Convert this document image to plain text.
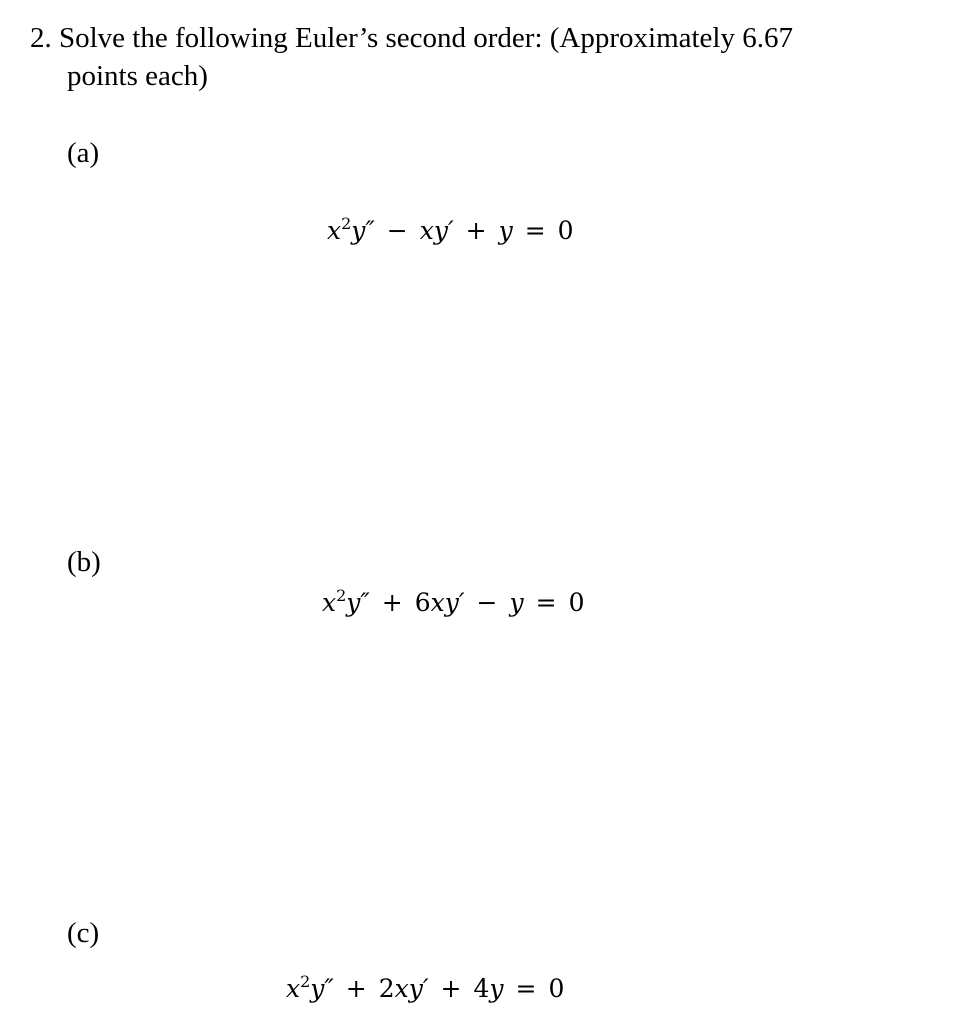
2. Solve the following Euler’s second order: (Approximately 6.67
points each)
(a)
$x^2y'' - xy' + y = 0$
(b)
$x^2y'' + 6xy' - y = 0$
(c)
$x^2y'' + 2xy' + 4y = 0$
